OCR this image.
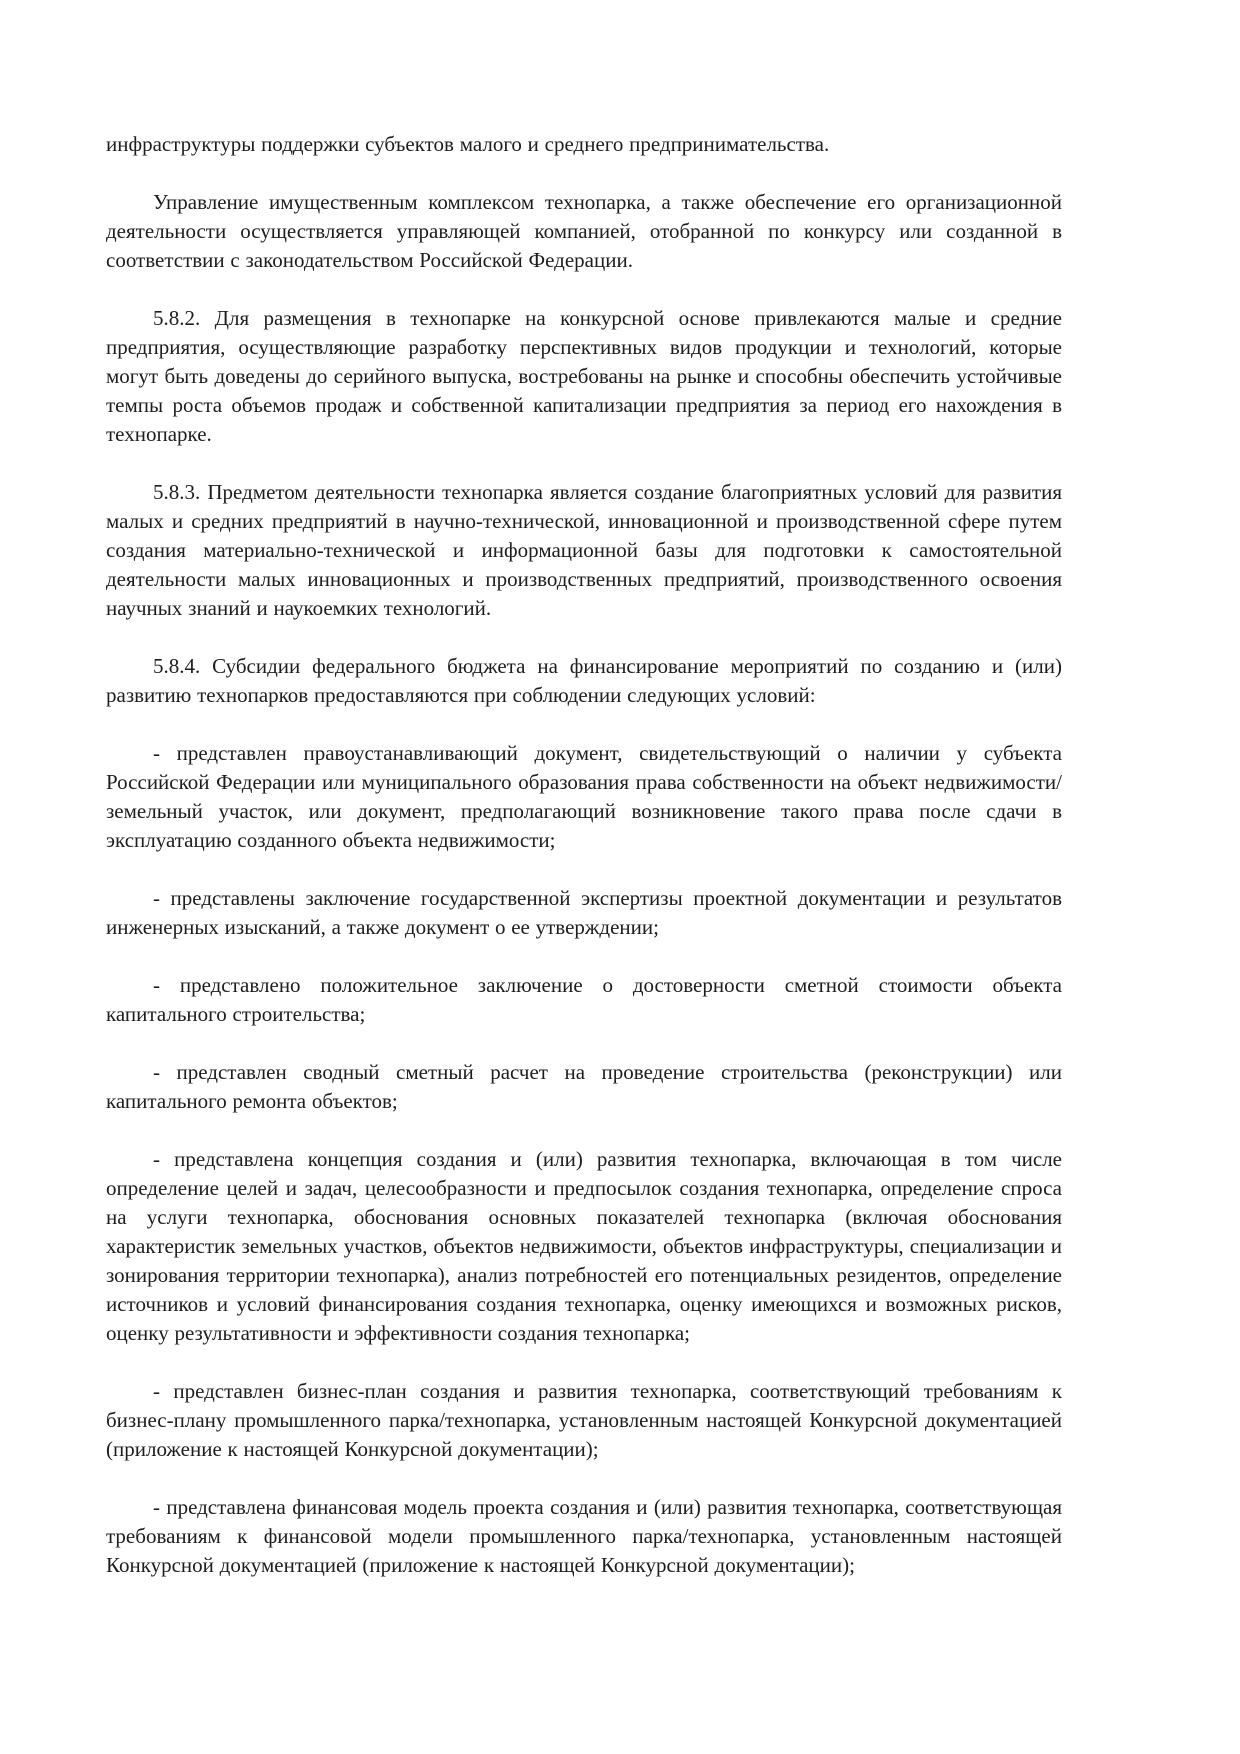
инфраструктуры поддержки субъектов малого и среднего предпринимательства.

Управление имущественным комплексом технопарка, а также обеспечение его организационной деятельности осуществляется управляющей компанией, отобранной по конкурсу или созданной в соответствии с законодательством Российской Федерации.

5.8.2. Для размещения в технопарке на конкурсной основе привлекаются малые и средние предприятия, осуществляющие разработку перспективных видов продукции и технологий, которые могут быть доведены до серийного выпуска, востребованы на рынке и способны обеспечить устойчивые темпы роста объемов продаж и собственной капитализации предприятия за период его нахождения в технопарке.

5.8.3. Предметом деятельности технопарка является создание благоприятных условий для развития малых и средних предприятий в научно-технической, инновационной и производственной сфере путем создания материально-технической и информационной базы для подготовки к самостоятельной деятельности малых инновационных и производственных предприятий, производственного освоения научных знаний и наукоемких технологий.

5.8.4. Субсидии федерального бюджета на финансирование мероприятий по созданию и (или) развитию технопарков предоставляются при соблюдении следующих условий:

- представлен правоустанавливающий документ, свидетельствующий о наличии у субъекта Российской Федерации или муниципального образования права собственности на объект недвижимости/земельный участок, или документ, предполагающий возникновение такого права после сдачи в эксплуатацию созданного объекта недвижимости;

- представлены заключение государственной экспертизы проектной документации и результатов инженерных изысканий, а также документ о ее утверждении;

- представлено положительное заключение о достоверности сметной стоимости объекта капитального строительства;

- представлен сводный сметный расчет на проведение строительства (реконструкции) или капитального ремонта объектов;

- представлена концепция создания и (или) развития технопарка, включающая в том числе определение целей и задач, целесообразности и предпосылок создания технопарка, определение спроса на услуги технопарка, обоснования основных показателей технопарка (включая обоснования характеристик земельных участков, объектов недвижимости, объектов инфраструктуры, специализации и зонирования территории технопарка), анализ потребностей его потенциальных резидентов, определение источников и условий финансирования создания технопарка, оценку имеющихся и возможных рисков, оценку результативности и эффективности создания технопарка;

- представлен бизнес-план создания и развития технопарка, соответствующий требованиям к бизнес-плану промышленного парка/технопарка, установленным настоящей Конкурсной документацией (приложение к настоящей Конкурсной документации);

- представлена финансовая модель проекта создания и (или) развития технопарка, соответствующая требованиям к финансовой модели промышленного парка/технопарка, установленным настоящей Конкурсной документацией (приложение к настоящей Конкурсной документации);
